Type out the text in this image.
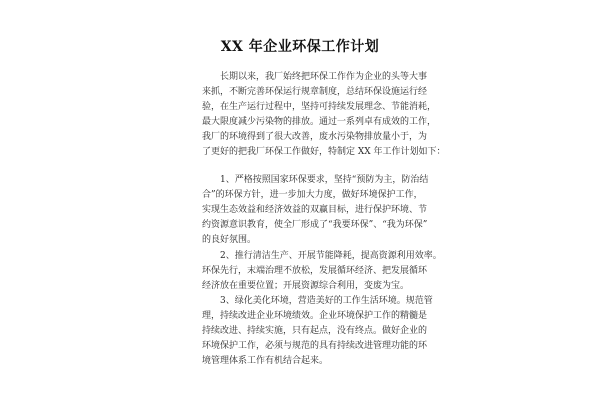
XX 年企业环保工作计划
长期以来，我厂始终把环保工作作为企业的头等大事
来抓，不断完善环保运行规章制度，总结环保设施运行经
验，在生产运行过程中，坚持可持续发展理念、节能消耗，
最大限度减少污染物的排放。通过一系列卓有成效的工作，
我厂的环境得到了很大改善，废水污染物排放量小于，为
了更好的把我厂环保工作做好，特制定 XX 年工作计划如下：
1、严格按照国家环保要求，坚持“预防为主，防治结
合”的环保方针，进一步加大力度，做好环境保护工作，
实现生态效益和经济效益的双赢目标，进行保护环境、节
约资源意识教育，使全厂形成了“我要环保”、“我为环保”
的良好氛围。
2、推行清洁生产、开展节能降耗，提高资源利用效率。
环保先行，末端治理不放松，发展循环经济、把发展循环
经济放在重要位置；开展资源综合利用，变废为宝。
3、绿化美化环境，营造美好的工作生活环境。规范管
理，持续改进企业环境绩效。企业环境保护工作的精髓是
持续改进、持续实施，只有起点，没有终点。做好企业的
环境保护工作，必须与规范的具有持续改进管理功能的环
境管理体系工作有机结合起来。
